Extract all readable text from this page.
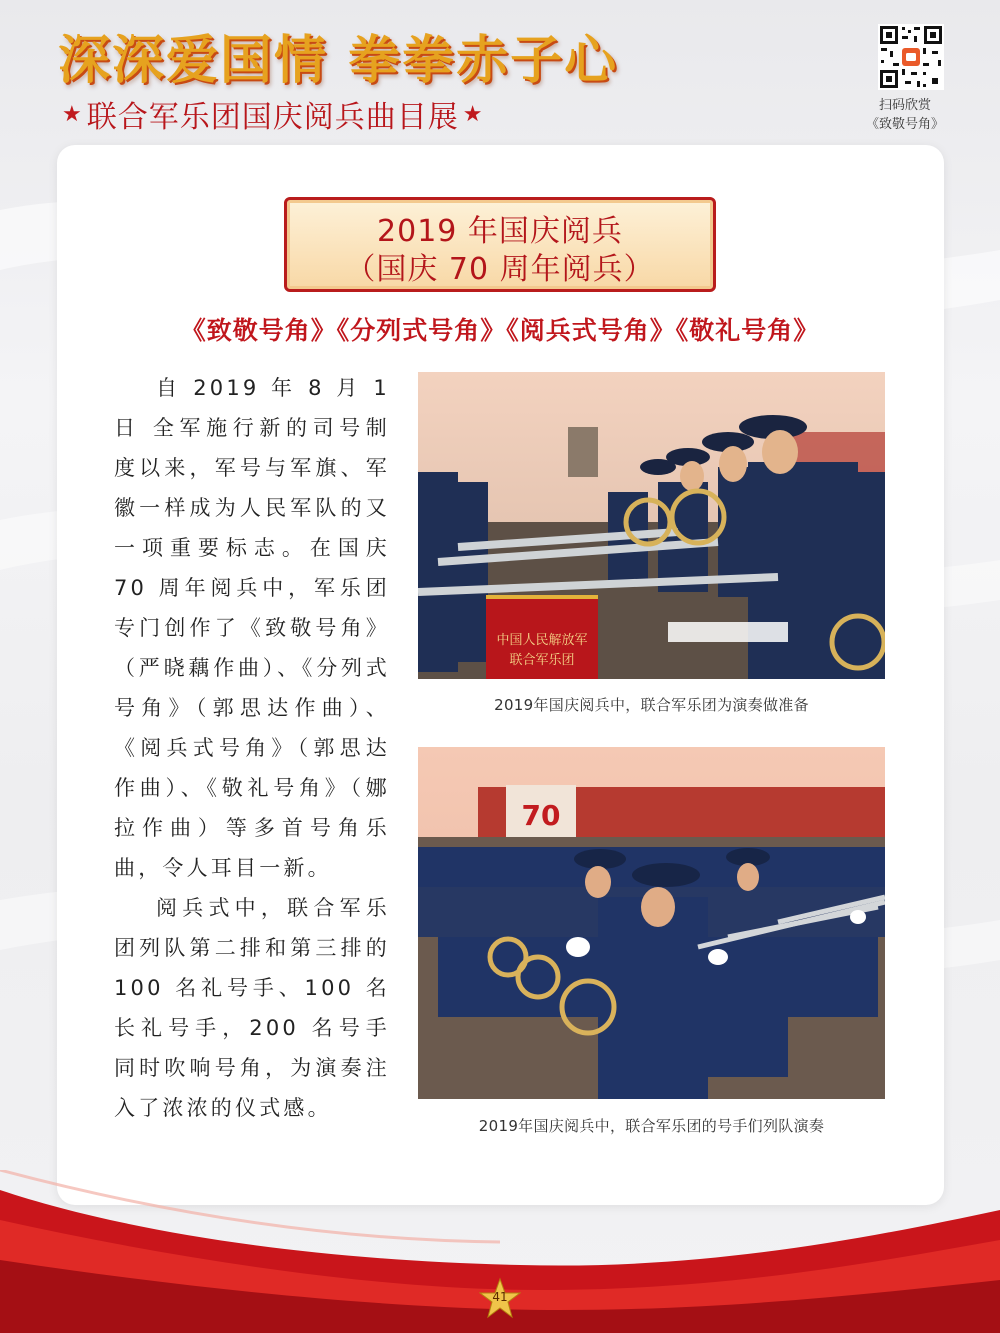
深深爱国情 拳拳赤子心
★ 联合军乐团国庆阅兵曲目展 ★	扫码欣赏
《致敬号角》
2019 年国庆阅兵
（国庆 70 周年阅兵）
《致敬号角》《分列式号角》《阅兵式号角》《敬礼号角》

自 2019 年 8 月 1 日 全军施行新的司号制度以来，军号与军旗、军徽一样成为人民军队的又一项重要标志。在国庆 70 周年阅兵中，军乐团专门创作了《致敬号角》（严晓藕作曲）、《分列式号角》（郭思达作曲）、《阅兵式号角》（郭思达作曲）、《敬礼号角》（娜拉作曲）等多首号角乐曲，令人耳目一新。

阅兵式中，联合军乐团列队第二排和第三排的 100 名礼号手、100 名长礼号手，200 名号手同时吹响号角，为演奏注入了浓浓的仪式感。

中国人民解放军
联合军乐团
2019年国庆阅兵中，联合军乐团为演奏做准备
70
2019年国庆阅兵中，联合军乐团的号手们列队演奏
41
